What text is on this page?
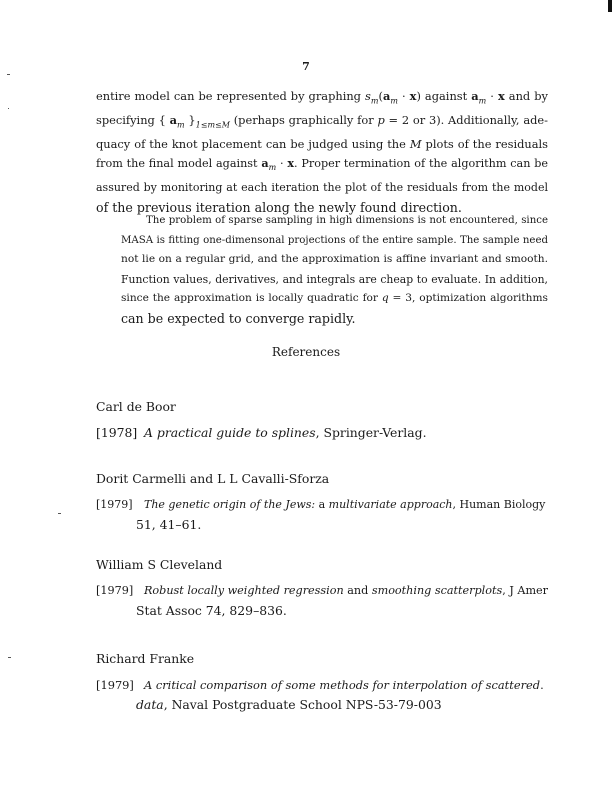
7
entire model can be represented by graphing $s_m(a_m \cdot x)$ against $a_m \cdot x$ and by
specifying { $a_m$ }$_{1\le m\le M}$ (perhaps graphically for p = 2 or 3). Additionally, ade-
quacy of the knot placement can be judged using the M plots of the residuals
from the final model against $a_m \cdot x$. Proper termination of the algorithm can be
assured by monitoring at each iteration the plot of the residuals from the model
of the previous iteration along the newly found direction.
The problem of sparse sampling in high dimensions is not encountered, since
MASA is fitting one-dimensonal projections of the entire sample. The sample need
not lie on a regular grid, and the approximation is affine invariant and smooth.
Function values, derivatives, and integrals are cheap to evaluate. In addition,
since the approximation is locally quadratic for q = 3, optimization algorithms
can be expected to converge rapidly.
References
Carl de Boor
[1978] A practical guide to splines, Springer-Verlag.
Dorit Carmelli and L L Cavalli-Sforza
[1979] The genetic origin of the Jews: a multivariate approach, Human Biology
51, 41–61.
William S Cleveland
[1979] Robust locally weighted regression and smoothing scatterplots, J Amer
Stat Assoc 74, 829–836.
Richard Franke
[1979] A critical comparison of some methods for interpolation of scattered.
data, Naval Postgraduate School NPS-53-79-003
